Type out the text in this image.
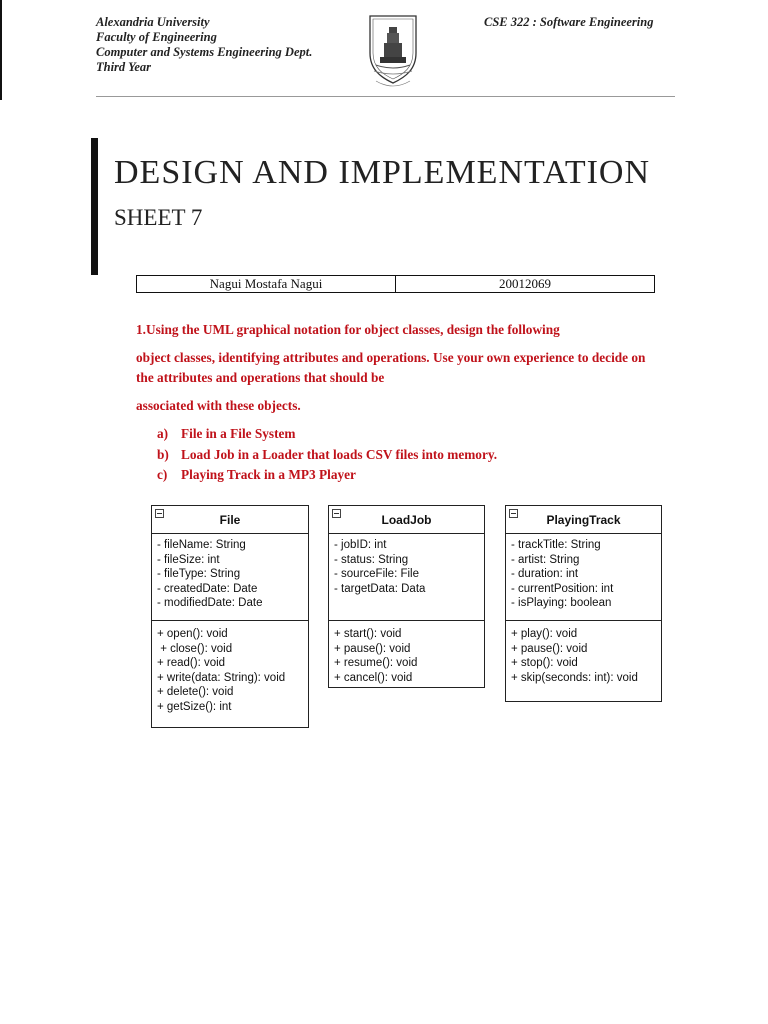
Alexandria University
Faculty of Engineering
Computer and Systems Engineering Dept.
Third Year
CSE 322 : Software Engineering
DESIGN AND IMPLEMENTATION
SHEET 7
Nagui Mostafa Nagui	20012069

1.Using the UML graphical notation for object classes, design the following

object classes, identifying attributes and operations. Use your own experience to decide on the attributes and operations that should be

associated with these objects.

a) File in a File System
b) Load Job in a Loader that loads CSV files into memory.
c)	Playing Track in a MP3 Player
File
- fileName: String
- fileSize: int
- fileType: String
- createdDate: Date
- modifiedDate: Date
+ open(): void
+ close(): void
+ read(): void
+ write(data: String): void
+ delete(): void
+ getSize(): int
LoadJob
- jobID: int
- status: String
- sourceFile: File
- targetData: Data
+ start(): void
+ pause(): void
+ resume(): void
+ cancel(): void
PlayingTrack
- trackTitle: String
- artist: String
- duration: int
- currentPosition: int
- isPlaying: boolean
+ play(): void
+ pause(): void
+ stop(): void
+ skip(seconds: int): void
